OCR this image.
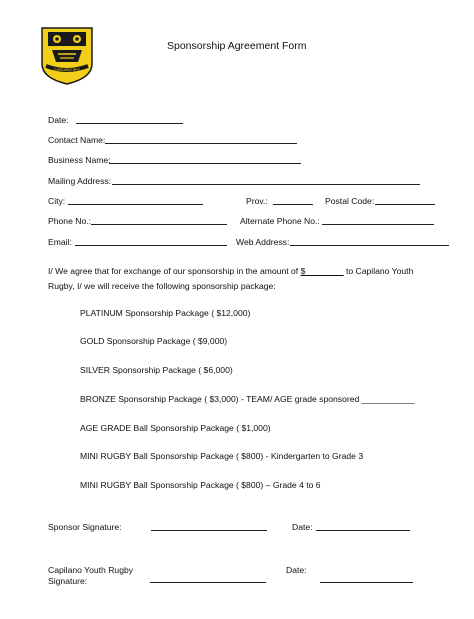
CAPILANO RFC
Sponsorship Agreement Form
Date:
Contact Name:
Business Name:
Mailing Address:
City:	Prov.:	Postal Code:
Phone No.:	Alternate Phone No.:
Email:	Web Address:
I/ We agree that for exchange of our sponsorship in the amount of $________ to Capilano Youth
Rugby, I/ we will receive the following sponsorship package:
PLATINUM Sponsorship Package ( $12,000)
GOLD Sponsorship Package ( $9,000)
SILVER Sponsorship Package ( $6,000)
BRONZE Sponsorship Package ( $3,000) - TEAM/ AGE grade sponsored ___________
AGE GRADE Ball Sponsorship Package ( $1,000)
MINI RUGBY Ball Sponsorship Package ( $800) - Kindergarten to Grade 3
MINI RUGBY Ball Sponsorship Package ( $800) – Grade 4 to 6
Sponsor Signature:	Date:
Capilano Youth Rugby
Signature:
Date:
